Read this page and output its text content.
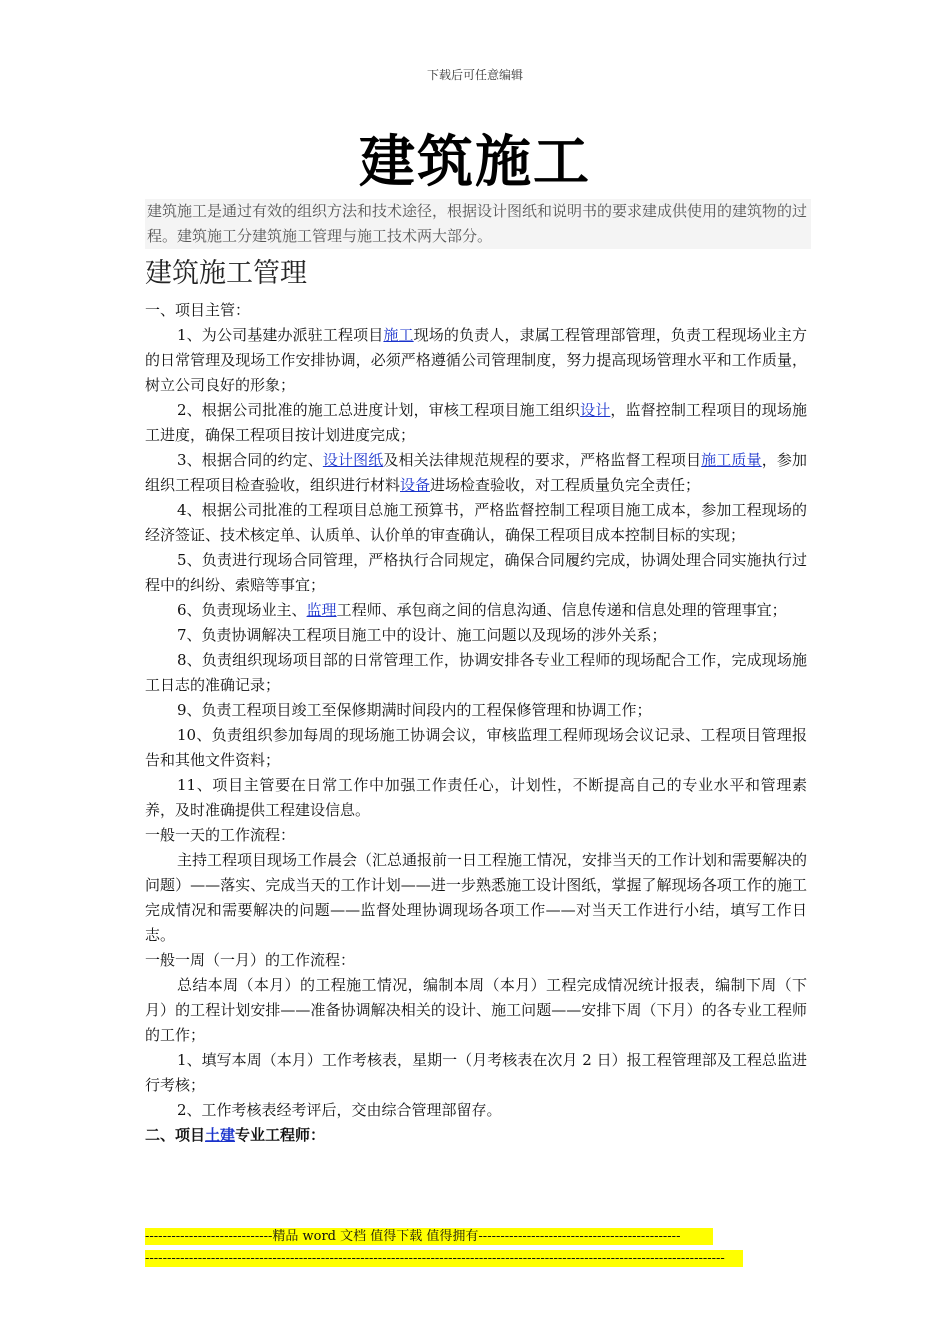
下载后可任意编辑
建筑施工
建筑施工是通过有效的组织方法和技术途径，根据设计图纸和说明书的要求建成供使用的建筑物的过程。建筑施工分建筑施工管理与施工技术两大部分。
建筑施工管理

一、项目主管：

1、为公司基建办派驻工程项目施工现场的负责人，隶属工程管理部管理，负责工程现场业主方的日常管理及现场工作安排协调，必须严格遵循公司管理制度，努力提高现场管理水平和工作质量，树立公司良好的形象；

2、根据公司批准的施工总进度计划，审核工程项目施工组织设计，监督控制工程项目的现场施工进度，确保工程项目按计划进度完成；

3、根据合同的约定、设计图纸及相关法律规范规程的要求，严格监督工程项目施工质量，参加组织工程项目检查验收，组织进行材料设备进场检查验收，对工程质量负完全责任；

4、根据公司批准的工程项目总施工预算书，严格监督控制工程项目施工成本，参加工程现场的经济签证、技术核定单、认质单、认价单的审查确认，确保工程项目成本控制目标的实现；

5、负责进行现场合同管理，严格执行合同规定，确保合同履约完成，协调处理合同实施执行过程中的纠纷、索赔等事宜；

6、负责现场业主、监理工程师、承包商之间的信息沟通、信息传递和信息处理的管理事宜；

7、负责协调解决工程项目施工中的设计、施工问题以及现场的涉外关系；

8、负责组织现场项目部的日常管理工作，协调安排各专业工程师的现场配合工作，完成现场施工日志的准确记录；

9、负责工程项目竣工至保修期满时间段内的工程保修管理和协调工作；

10、负责组织参加每周的现场施工协调会议，审核监理工程师现场会议记录、工程项目管理报告和其他文件资料；

11、项目主管要在日常工作中加强工作责任心，计划性，不断提高自己的专业水平和管理素养，及时准确提供工程建设信息。

一般一天的工作流程：

主持工程项目现场工作晨会（汇总通报前一日工程施工情况，安排当天的工作计划和需要解决的问题）——落实、完成当天的工作计划——进一步熟悉施工设计图纸，掌握了解现场各项工作的施工完成情况和需要解决的问题——监督处理协调现场各项工作——对当天工作进行小结，填写工作日志。

一般一周（一月）的工作流程：

总结本周（本月）的工程施工情况，编制本周（本月）工程完成情况统计报表，编制下周（下月）的工程计划安排——准备协调解决相关的设计、施工问题——安排下周（下月）的各专业工程师的工作；

1、填写本周（本月）工作考核表，星期一（月考核表在次月 2 日）报工程管理部及工程总监进行考核；

2、工作考核表经考评后，交由综合管理部留存。

二、项目土建专业工程师：

-----------------------------精品 word 文档 值得下载 值得拥有----------------------------------------------
------------------------------------------------------------------------------------------------------------------------------------
